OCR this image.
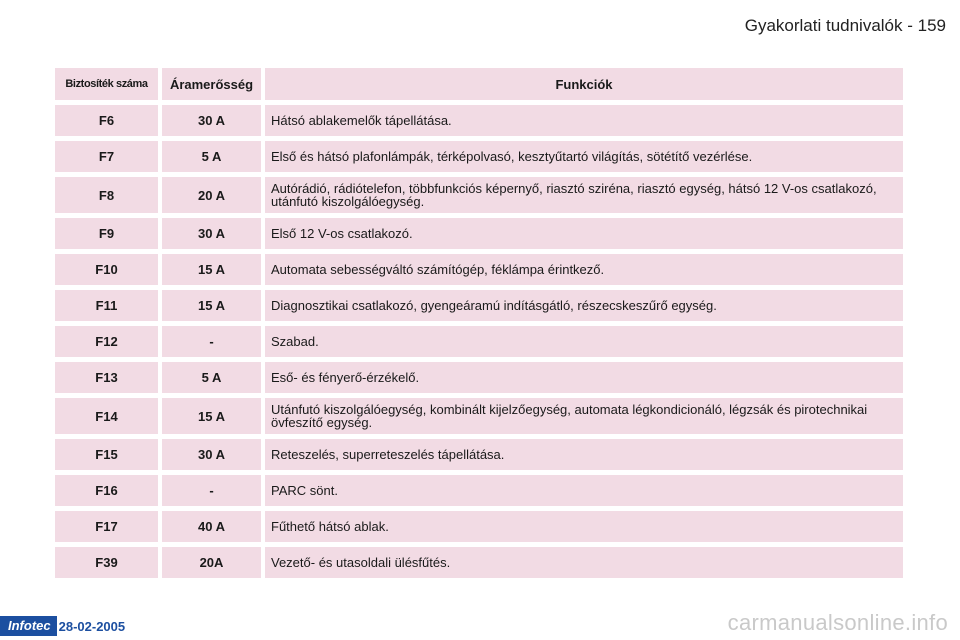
Gyakorlati tudnivalók - 159
Biztosíték száma	Áramerősség	Funkciók
F6	30 A	Hátsó ablakemelők tápellátása.
F7	5 A	Első és hátsó plafonlámpák, térképolvasó, kesztyűtartó világítás, sötétítő vezérlése.
F8	20 A	Autórádió, rádiótelefon, többfunkciós képernyő, riasztó sziréna, riasztó egység, hátsó 12 V-os csatlakozó, utánfutó kiszolgálóegység.
F9	30 A	Első 12 V-os csatlakozó.
F10	15 A	Automata sebességváltó számítógép, féklámpa érintkező.
F11	15 A	Diagnosztikai csatlakozó, gyengeáramú indításgátló, részecskeszűrő egység.
F12	-	Szabad.
F13	5 A	Eső- és fényerő-érzékelő.
F14	15 A	Utánfutó kiszolgálóegység, kombinált kijelzőegység, automata légkondicionáló, légzsák és pirotechnikai övfeszítő egység.
F15	30 A	Reteszelés, superreteszelés tápellátása.
F16	-	PARC sönt.
F17	40 A	Fűthető hátsó ablak.
F39	20A	Vezető- és utasoldali ülésfűtés.
Infotec 28-02-2005	carmanualsonline.info
